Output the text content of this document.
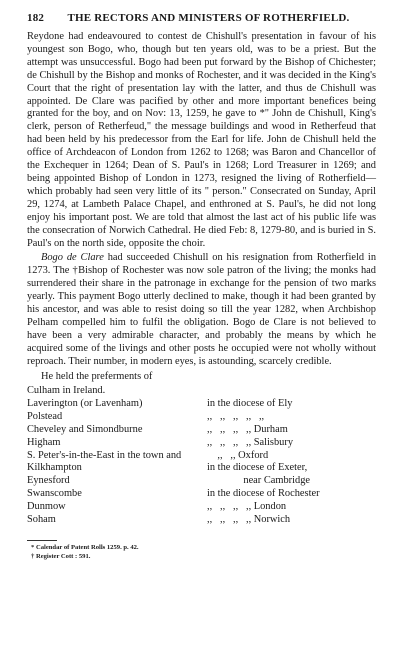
182	THE RECTORS AND MINISTERS OF ROTHERFIELD.

Reydone had endeavoured to contest de Chishull's presentation in favour of his youngest son Bogo, who, though but ten years old, was to be a priest. But the attempt was unsuccessful. Bogo had been put forward by the Bishop of Chichester; de Chishull by the Bishop and monks of Rochester, and it was decided in the King's Court that the right of presentation lay with the latter, and thus de Chishull was appointed. De Clare was pacified by other and more important benefices being granted for the boy, and on Nov: 13, 1259, he gave to *" John de Chishull, King's clerk, person of Retherfeud," the message buildings and wood in Retherfeud that had been held by his predecessor from the Earl for life. John de Chishull held the office of Archdeacon of London from 1262 to 1268; was Baron and Chancellor of the Exchequer in 1264; Dean of S. Paul's in 1268; Lord Treasurer in 1269; and being appointed Bishop of London in 1273, resigned the living of Rotherfield—which probably had seen very little of its " person." Consecrated on Sunday, April 29, 1274, at Lambeth Palace Chapel, and enthroned at S. Paul's, he did not long enjoy his important post. We are told that almost the last act of his public life was the consecration of Norwich Cathedral. He died Feb: 8, 1279-80, and is buried in S. Paul's on the north side, opposite the choir.

Bogo de Clare had succeeded Chishull on his resignation from Rotherfield in 1273. The †Bishop of Rochester was now sole patron of the living; the monks had surrendered their share in the patronage in exchange for the pension of two marks yearly. This payment Bogo utterly declined to make, though it had been granted by his ancestor, and was able to resist doing so till the year 1282, when Archbishop Pelham compelled him to fulfil the obligation. Bogo de Clare is not believed to have been a very admirable character, and probably the means by which he acquired some of the livings and other posts he occupied were not wholly without reproach. Their number, in modern eyes, is astounding, scarcely credible.

He held the preferments of

Culham in Ireland.

Laverington (or Lavenham)	in the diocese of Ely
Polstead	,,   ,,   ,,   ,,   ,,
Cheveley and Simondburne	,,   ,,   ,,   ,, Durham
Higham	,,   ,,   ,,   ,, Salisbury
S. Peter's-in-the-East in the town and	,,   ,, Oxford
Kilkhampton	in the diocese of Exeter,
Eynesford	near Cambridge
Swanscombe	in the diocese of Rochester
Dunmow	,,   ,,   ,,   ,, London
Soham	,,   ,,   ,,   ,, Norwich
* Calendar of Patent Rolls 1259. p. 42.
† Register Cott : 591.
